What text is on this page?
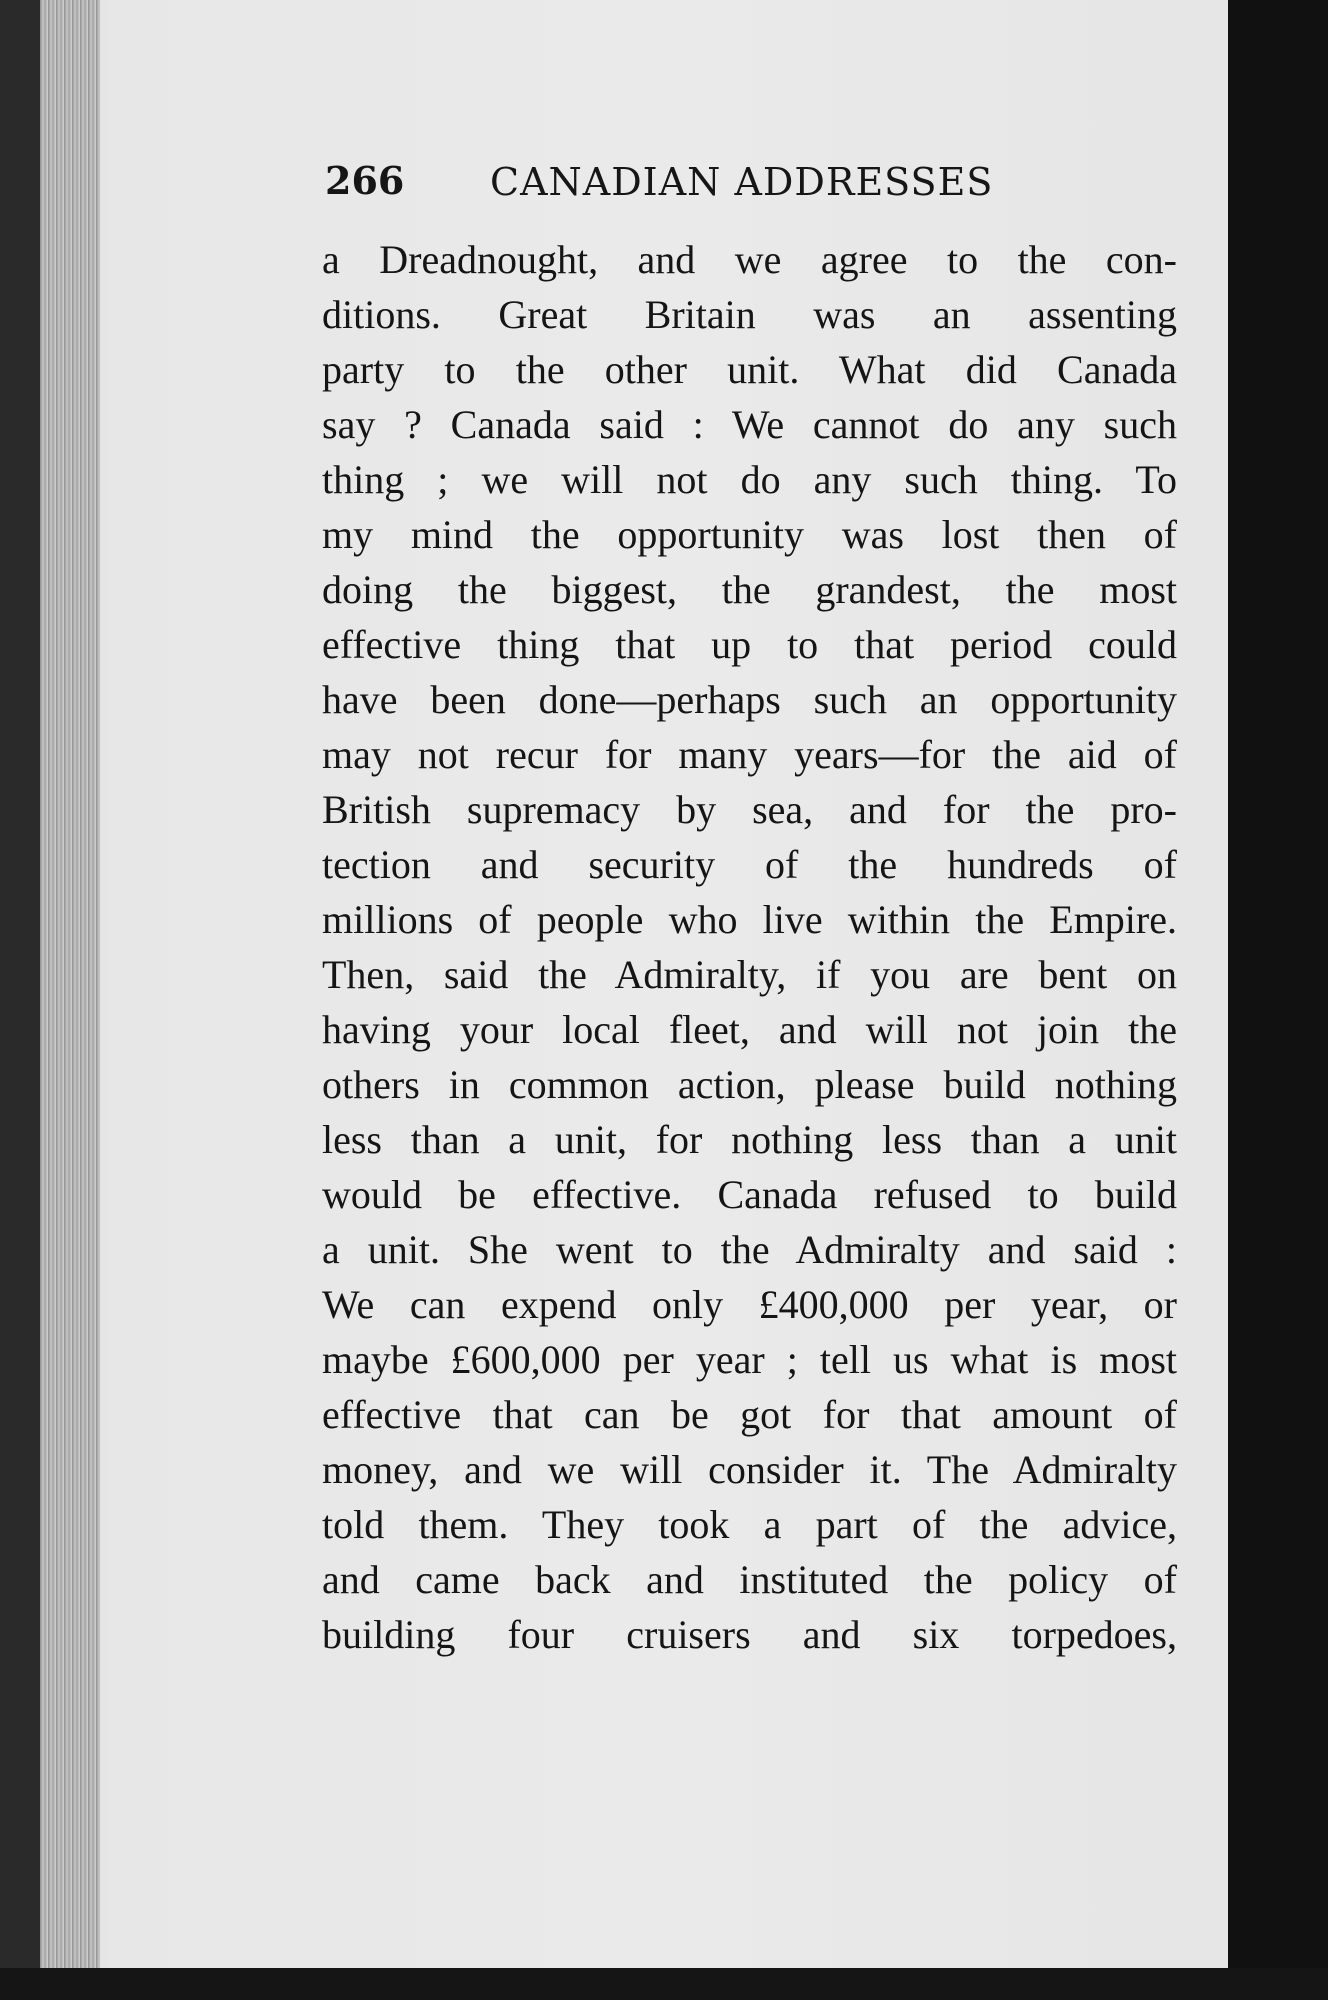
266 CANADIAN ADDRESSES
a Dreadnought, and we agree to the con-
ditions. Great Britain was an assenting
party to the other unit. What did Canada
say ? Canada said : We cannot do any such
thing ; we will not do any such thing. To
my mind the opportunity was lost then of
doing the biggest, the grandest, the most
effective thing that up to that period could
have been done—perhaps such an opportunity
may not recur for many years—for the aid of
British supremacy by sea, and for the pro-
tection and security of the hundreds of
millions of people who live within the Empire.
Then, said the Admiralty, if you are bent on
having your local fleet, and will not join the
others in common action, please build nothing
less than a unit, for nothing less than a unit
would be effective. Canada refused to build
a unit. She went to the Admiralty and said :
We can expend only £400,000 per year, or
maybe £600,000 per year ; tell us what is most
effective that can be got for that amount of
money, and we will consider it. The Admiralty
told them. They took a part of the advice,
and came back and instituted the policy of
building four cruisers and six torpedoes,
